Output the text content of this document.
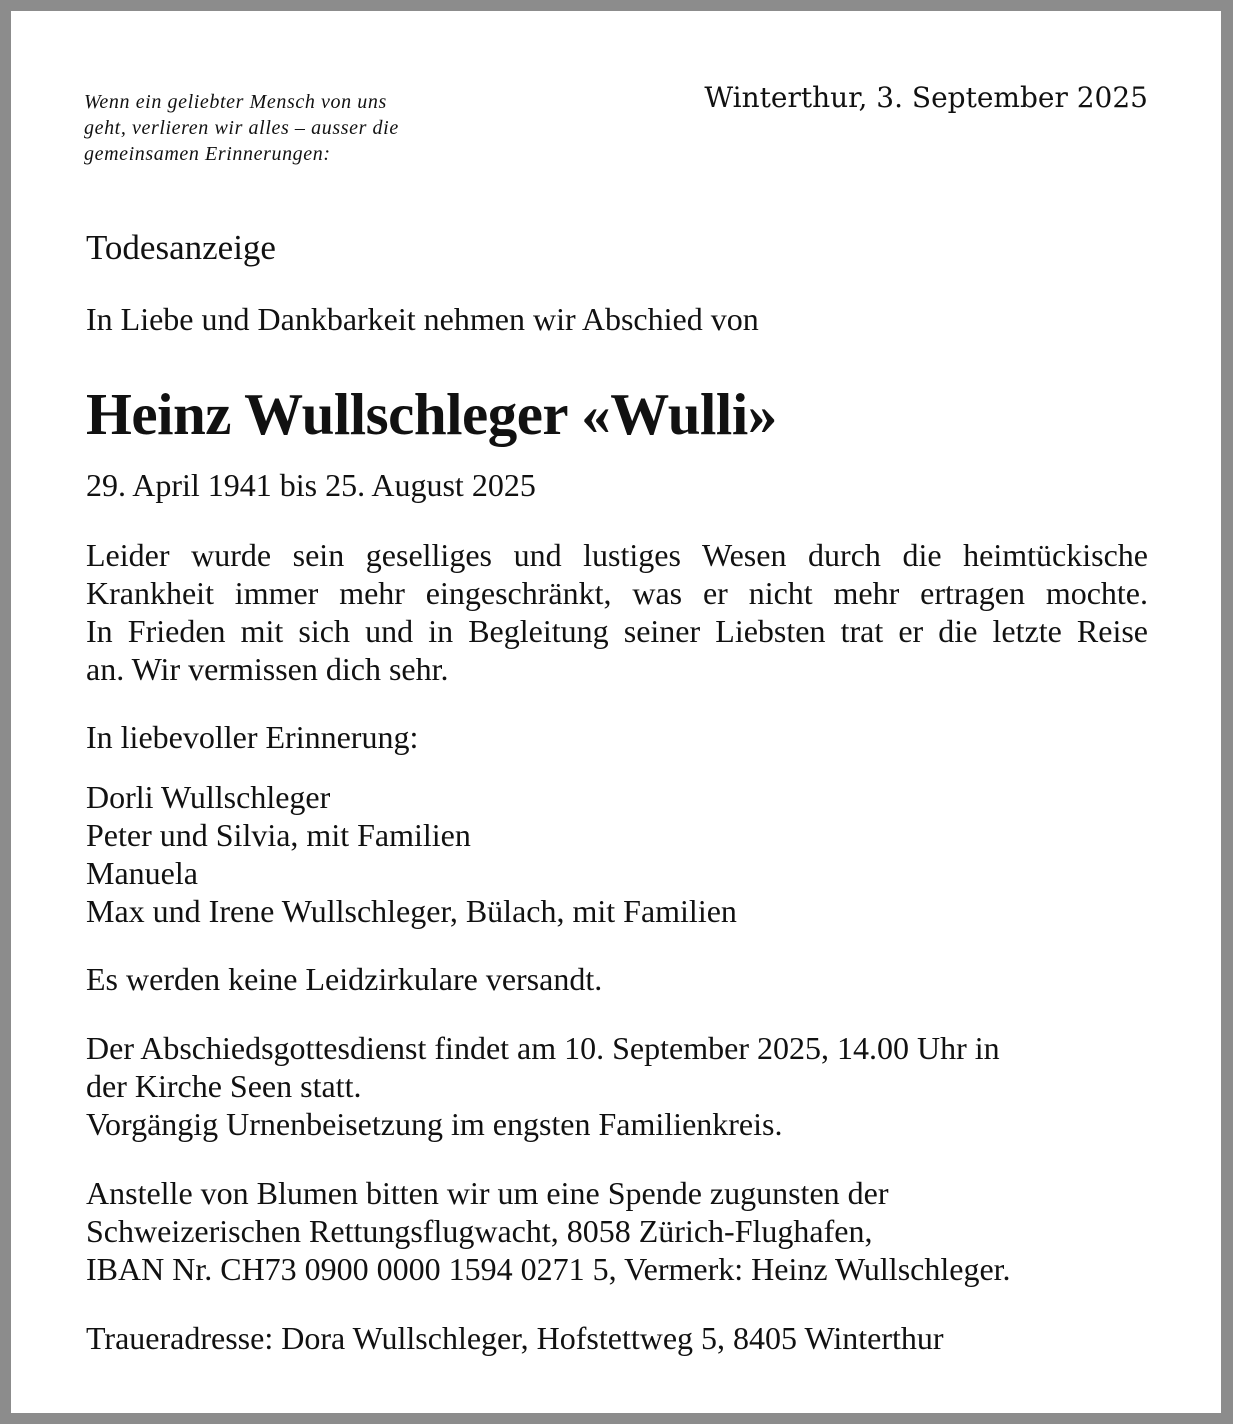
Wenn ein geliebter Mensch von uns
geht, verlieren wir alles – ausser die
gemeinsamen Erinnerungen:
Winterthur, 3. September 2025
Todesanzeige
In Liebe und Dankbarkeit nehmen wir Abschied von
Heinz Wullschleger «Wulli»
29. April 1941 bis 25. August 2025
Leider wurde sein geselliges und lustiges Wesen durch die heimtückische
Krankheit immer mehr eingeschränkt, was er nicht mehr ertragen mochte.
In Frieden mit sich und in Begleitung seiner Liebsten trat er die letzte Reise
an. Wir vermissen dich sehr.
In liebevoller Erinnerung:
Dorli Wullschleger
Peter und Silvia, mit Familien
Manuela
Max und Irene Wullschleger, Bülach, mit Familien
Es werden keine Leidzirkulare versandt.
Der Abschiedsgottesdienst findet am 10. September 2025, 14.00 Uhr in
der Kirche Seen statt.
Vorgängig Urnenbeisetzung im engsten Familienkreis.
Anstelle von Blumen bitten wir um eine Spende zugunsten der
Schweizerischen Rettungsflugwacht, 8058 Zürich-Flughafen,
IBAN Nr. CH73 0900 0000 1594 0271 5, Vermerk: Heinz Wullschleger.
Traueradresse: Dora Wullschleger, Hofstettweg 5, 8405 Winterthur
